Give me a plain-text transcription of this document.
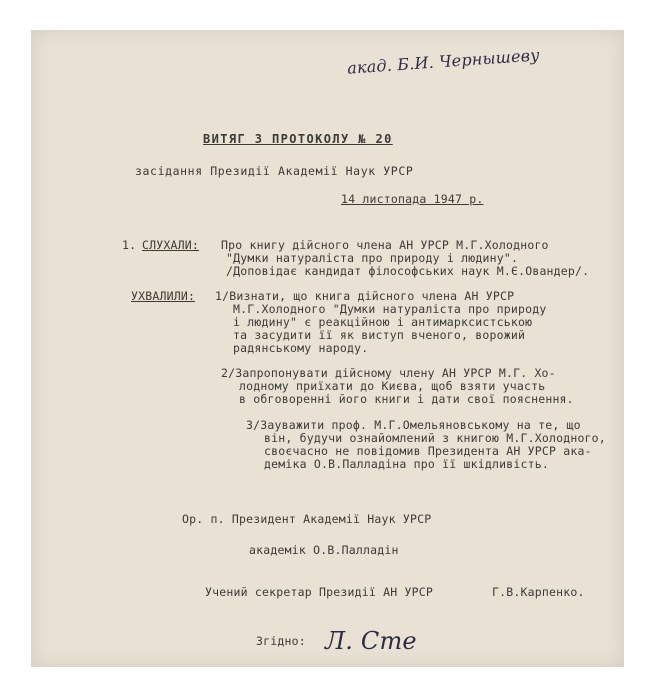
акад. Б.И. Чернышеву
ВИТЯГ З ПРОТОКОЛУ № 20
засідання Президії Академії Наук УРСР
14 листопада 1947 р.
1. СЛУХАЛИ: Про книгу дійсного члена АН УРСР М.Г.Холодного
"Думки натураліста про природу і людину".
/Доповідає кандидат філософських наук М.Є.Овандер/.
УХВАЛИЛИ: 1/Визнати, що книга дійсного члена АН УРСР
М.Г.Холодного "Думки натураліста про природу
і людину" є реакційною і антимарксистською
та засудити її як виступ вченого, ворожий
радянському народу.
2/Запропонувати дійсному члену АН УРСР М.Г. Хо-
лодному приїхати до Києва, щоб взяти участь
в обговоренні його книги і дати свої пояснення.
3/Зауважити проф. М.Г.Омельяновському на те, що
він, будучи ознайомлений з книгою М.Г.Холодного,
своєчасно не повідомив Президента АН УРСР ака-
деміка О.В.Палладіна про її шкідливість.
Ор. п. Президент Академії Наук УРСР
академік О.В.Палладін
Учений секретар Президії АН УРСР	Г.В.Карпенко.
Згідно: Л. Сте
